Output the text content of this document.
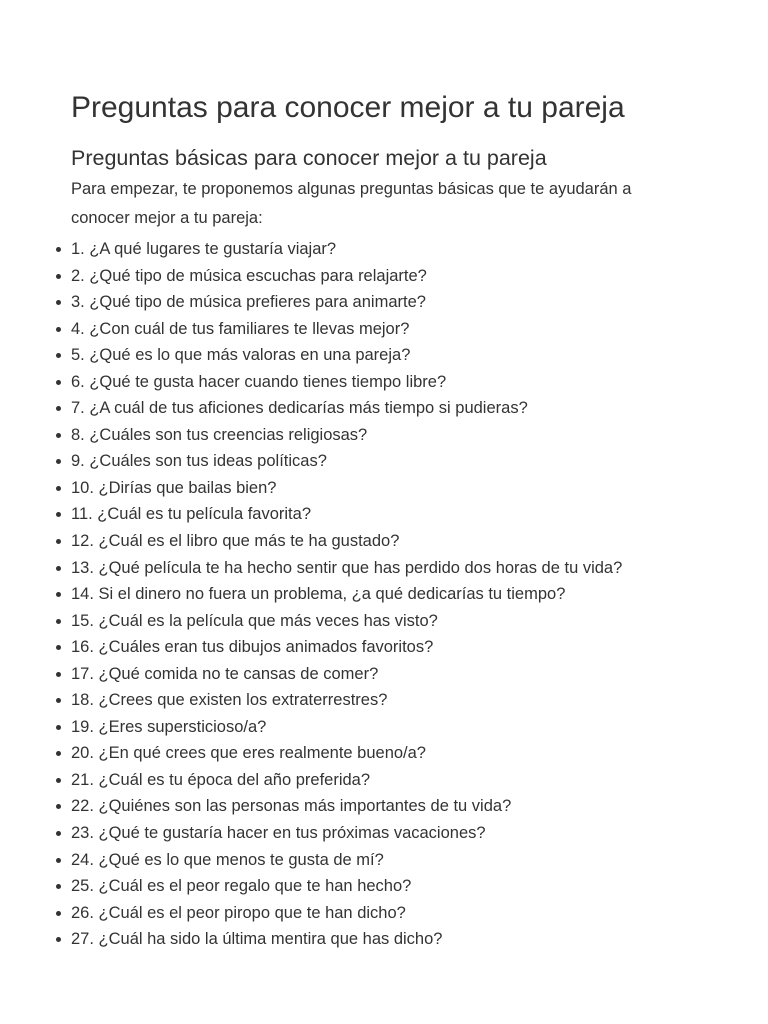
Preguntas para conocer mejor a tu pareja
Preguntas básicas para conocer mejor a tu pareja

Para empezar, te proponemos algunas preguntas básicas que te ayudarán a conocer mejor a tu pareja:

1. ¿A qué lugares te gustaría viajar?
2. ¿Qué tipo de música escuchas para relajarte?
3. ¿Qué tipo de música prefieres para animarte?
4. ¿Con cuál de tus familiares te llevas mejor?
5. ¿Qué es lo que más valoras en una pareja?
6. ¿Qué te gusta hacer cuando tienes tiempo libre?
7. ¿A cuál de tus aficiones dedicarías más tiempo si pudieras?
8. ¿Cuáles son tus creencias religiosas?
9. ¿Cuáles son tus ideas políticas?
10. ¿Dirías que bailas bien?
11. ¿Cuál es tu película favorita?
12. ¿Cuál es el libro que más te ha gustado?
13. ¿Qué película te ha hecho sentir que has perdido dos horas de tu vida?
14. Si el dinero no fuera un problema, ¿a qué dedicarías tu tiempo?
15. ¿Cuál es la película que más veces has visto?
16. ¿Cuáles eran tus dibujos animados favoritos?
17. ¿Qué comida no te cansas de comer?
18. ¿Crees que existen los extraterrestres?
19. ¿Eres supersticioso/a?
20. ¿En qué crees que eres realmente bueno/a?
21. ¿Cuál es tu época del año preferida?
22. ¿Quiénes son las personas más importantes de tu vida?
23. ¿Qué te gustaría hacer en tus próximas vacaciones?
24. ¿Qué es lo que menos te gusta de mí?
25. ¿Cuál es el peor regalo que te han hecho?
26. ¿Cuál es el peor piropo que te han dicho?
27. ¿Cuál ha sido la última mentira que has dicho?
